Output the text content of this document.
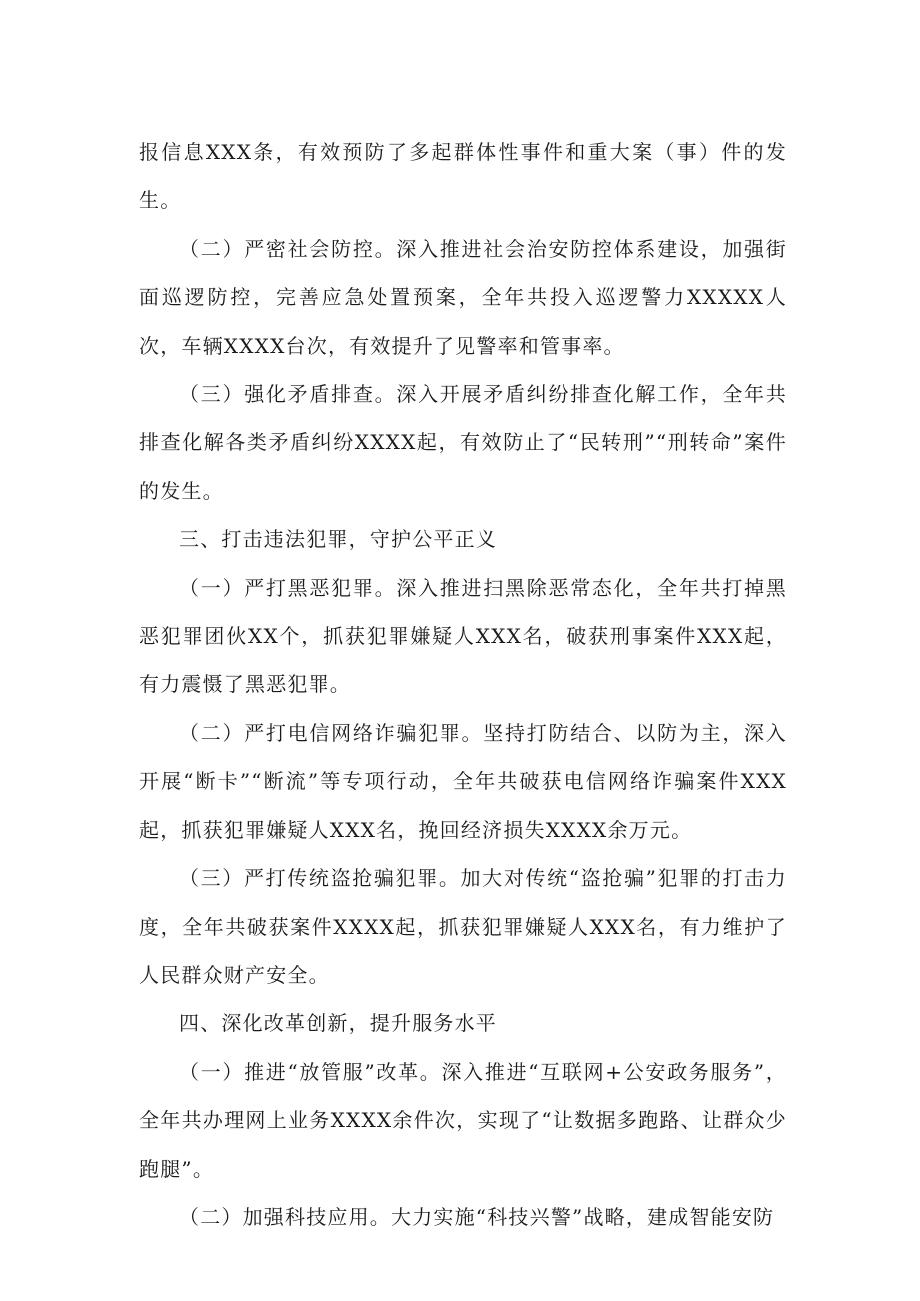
报信息XXX条，有效预防了多起群体性事件和重大案（事）件的发生。

（二）严密社会防控。深入推进社会治安防控体系建设，加强街面巡逻防控，完善应急处置预案，全年共投入巡逻警力XXXXX人次，车辆XXXX台次，有效提升了见警率和管事率。

（三）强化矛盾排查。深入开展矛盾纠纷排查化解工作，全年共排查化解各类矛盾纠纷XXXX起，有效防止了“民转刑”“刑转命”案件的发生。

三、打击违法犯罪，守护公平正义

（一）严打黑恶犯罪。深入推进扫黑除恶常态化，全年共打掉黑恶犯罪团伙XX个，抓获犯罪嫌疑人XXX名，破获刑事案件XXX起，有力震慑了黑恶犯罪。

（二）严打电信网络诈骗犯罪。坚持打防结合、以防为主，深入开展“断卡”“断流”等专项行动，全年共破获电信网络诈骗案件XXX起，抓获犯罪嫌疑人XXX名，挽回经济损失XXXX余万元。

（三）严打传统盗抢骗犯罪。加大对传统“盗抢骗”犯罪的打击力度，全年共破获案件XXXX起，抓获犯罪嫌疑人XXX名，有力维护了人民群众财产安全。

四、深化改革创新，提升服务水平

（一）推进“放管服”改革。深入推进“互联网+公安政务服务”，全年共办理网上业务XXXX余件次，实现了“让数据多跑路、让群众少跑腿”。

（二）加强科技应用。大力实施“科技兴警”战略，建成智能安防
